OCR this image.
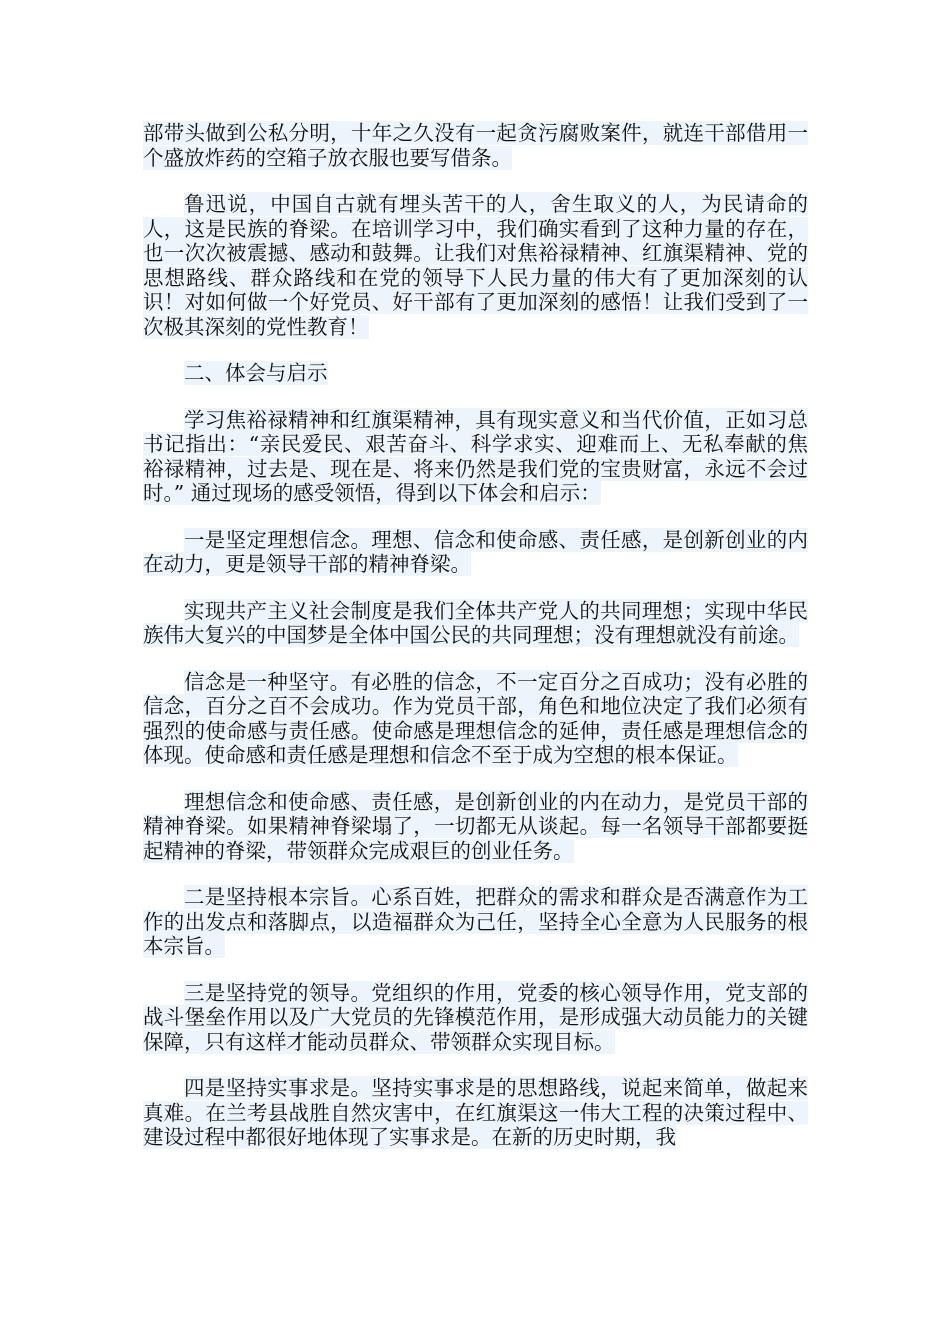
部带头做到公私分明，十年之久没有一起贪污腐败案件，就连干部借用一个盛放炸药的空箱子放衣服也要写借条。

鲁迅说，中国自古就有埋头苦干的人，舍生取义的人，为民请命的人，这是民族的脊梁。在培训学习中，我们确实看到了这种力量的存在，也一次次被震撼、感动和鼓舞。让我们对焦裕禄精神、红旗渠精神、党的思想路线、群众路线和在党的领导下人民力量的伟大有了更加深刻的认识！对如何做一个好党员、好干部有了更加深刻的感悟！让我们受到了一次极其深刻的党性教育！

二、体会与启示

学习焦裕禄精神和红旗渠精神，具有现实意义和当代价值，正如习总书记指出：“亲民爱民、艰苦奋斗、科学求实、迎难而上、无私奉献的焦裕禄精神，过去是、现在是、将来仍然是我们党的宝贵财富，永远不会过时。” 通过现场的感受领悟，得到以下体会和启示：

一是坚定理想信念。理想、信念和使命感、责任感，是创新创业的内在动力，更是领导干部的精神脊梁。

实现共产主义社会制度是我们全体共产党人的共同理想；实现中华民族伟大复兴的中国梦是全体中国公民的共同理想；没有理想就没有前途。

信念是一种坚守。有必胜的信念，不一定百分之百成功；没有必胜的信念，百分之百不会成功。作为党员干部，角色和地位决定了我们必须有强烈的使命感与责任感。使命感是理想信念的延伸，责任感是理想信念的体现。使命感和责任感是理想和信念不至于成为空想的根本保证。

理想信念和使命感、责任感，是创新创业的内在动力，是党员干部的精神脊梁。如果精神脊梁塌了，一切都无从谈起。每一名领导干部都要挺起精神的脊梁，带领群众完成艰巨的创业任务。

二是坚持根本宗旨。心系百姓，把群众的需求和群众是否满意作为工作的出发点和落脚点，以造福群众为己任，坚持全心全意为人民服务的根本宗旨。

三是坚持党的领导。党组织的作用，党委的核心领导作用，党支部的战斗堡垒作用以及广大党员的先锋模范作用，是形成强大动员能力的关键保障，只有这样才能动员群众、带领群众实现目标。

四是坚持实事求是。坚持实事求是的思想路线，说起来简单，做起来真难。在兰考县战胜自然灾害中，在红旗渠这一伟大工程的决策过程中、建设过程中都很好地体现了实事求是。在新的历史时期，我
